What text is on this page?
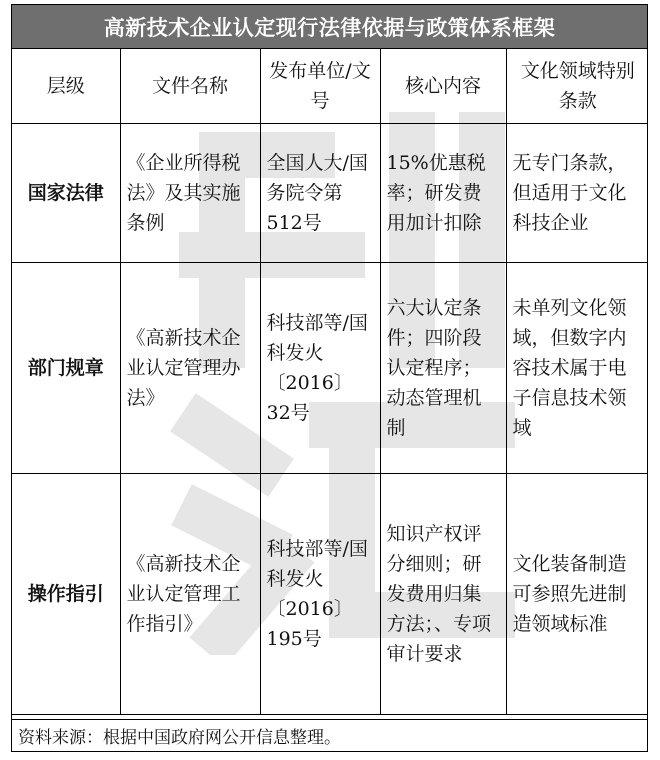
高新技术企业认定现行法律依据与政策体系框架
层级	文件名称	发布单位/文号	核心内容	文化领域特别条款
国家法律	《企业所得税法》及其实施条例	全国人大/国务院令第512号	15%优惠税率；研发费用加计扣除	无专门条款，但适用于文化科技企业
部门规章	《高新技术企业认定管理办法》	科技部等/国科发火〔2016〕32号	六大认定条件；四阶段认定程序；动态管理机制	未单列文化领域，但数字内容技术属于电子信息技术领域
操作指引	《高新技术企业认定管理工作指引》	科技部等/国科发火〔2016〕195号	知识产权评分细则；研发费用归集方法；、专项审计要求	文化装备制造可参照先进制造领域标准
资料来源：根据中国政府网公开信息整理。
